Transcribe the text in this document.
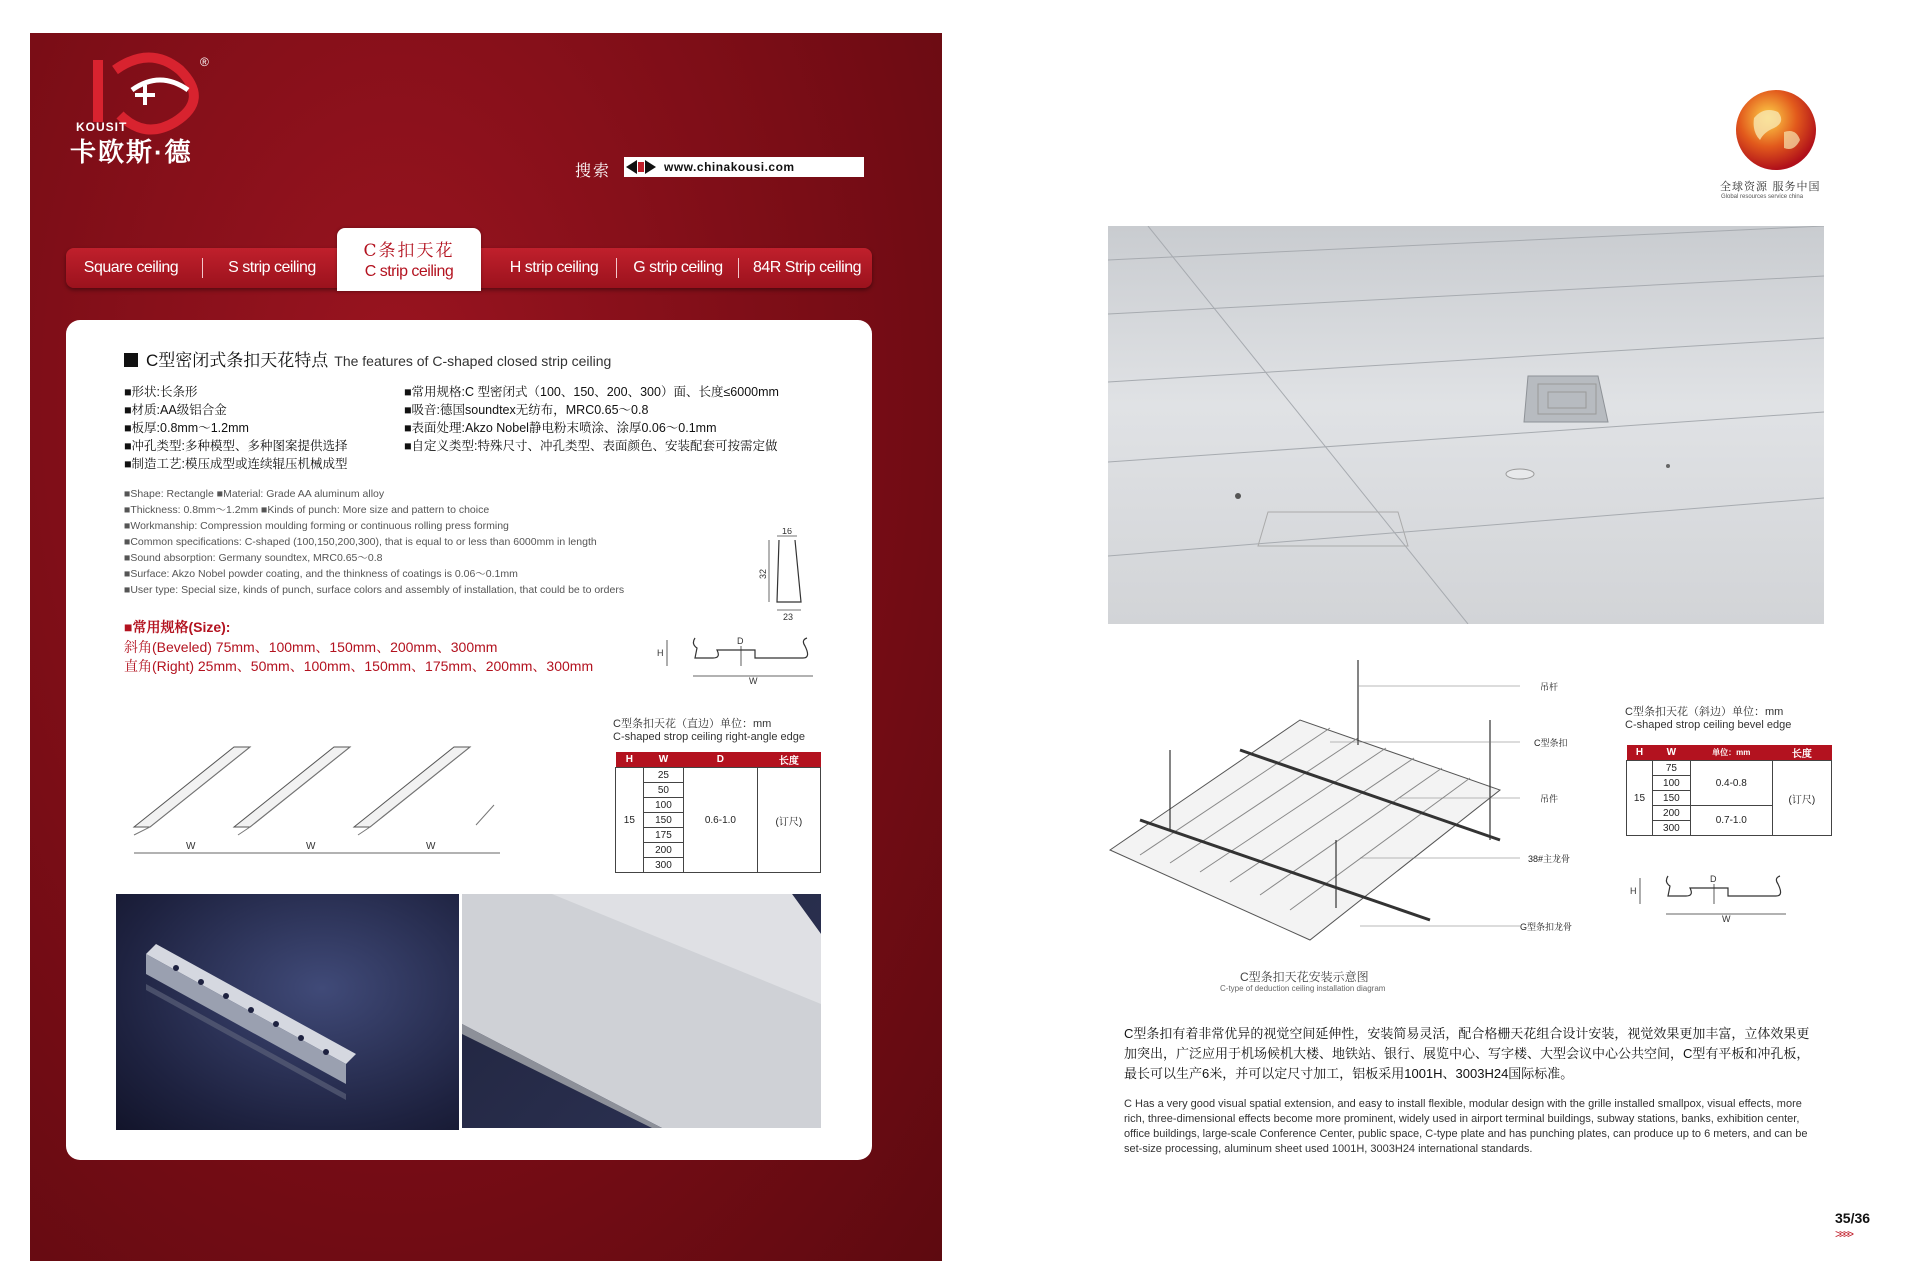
®
KOUSIT
卡欧斯·德
搜索	www.chinakousi.com
Square ceiling	S strip ceiling	H strip ceiling	G strip ceiling	84R Strip ceiling
C条扣天花
C strip ceiling
C型密闭式条扣天花特点 The features of C-shaped closed strip ceiling
■形状:长条形
■材质:AA级铝合金
■板厚:0.8mm～1.2mm
■冲孔类型:多种模型、多种图案提供选择
■制造工艺:模压成型或连续辊压机械成型
■常用规格:C 型密闭式（100、150、200、300）面、长度≤6000mm
■吸音:德国soundtex无纺布，MRC0.65～0.8
■表面处理:Akzo Nobel静电粉末喷涂、涂厚0.06～0.1mm
■自定义类型:特殊尺寸、冲孔类型、表面颜色、安装配套可按需定做
■Shape: Rectangle ■Material: Grade AA aluminum alloy
■Thickness: 0.8mm～1.2mm ■Kinds of punch: More size and pattern to choice
■Workmanship: Compression moulding forming or continuous rolling press forming
■Common specifications: C-shaped (100,150,200,300), that is equal to or less than 6000mm in length
■Sound absorption: Germany soundtex, MRC0.65～0.8
■Surface: Akzo Nobel powder coating, and the thinkness of coatings is 0.06～0.1mm
■User type: Special size, kinds of punch, surface colors and assembly of installation, that could be to orders
16
32
23
■常用规格(Size):
斜角(Beveled) 75mm、100mm、150mm、200mm、300mm
直角(Right) 25mm、50mm、100mm、150mm、175mm、200mm、300mm
H
D
W
W	W	W
C型条扣天花（直边）单位：mm
C-shaped strop ceiling right-angle edge
H	W	D	长度
15	25	0.6-1.0	(订尺)
	50		
	100		
	150		
	175		
	200		
	300		
全球资源 服务中国
Global resources service china
吊杆
C型条扣
吊件
38#主龙骨
G型条扣龙骨
C型条扣天花安装示意图
C-type of deduction ceiling installation diagram
C型条扣天花（斜边）单位：mm
C-shaped strop ceiling bevel edge
H	W	单位：mm	长度
15	75	0.4-0.8	(订尺)
	100		
	150		
	200	0.7-1.0	
	300		
H
D
W
C型条扣有着非常优异的视觉空间延伸性，安装简易灵活，配合格栅天花组合设计安装，视觉效果更加丰富，立体效果更加突出，广泛应用于机场候机大楼、地铁站、银行、展览中心、写字楼、大型会议中心公共空间，C型有平板和冲孔板，最长可以生产6米，并可以定尺寸加工，铝板采用1001H、3003H24国际标准。
C Has a very good visual spatial extension, and easy to install flexible, modular design with the grille installed smallpox, visual effects, more rich, three-dimensional effects become more prominent, widely used in airport terminal buildings, subway stations, banks, exhibition center, office buildings, large-scale Conference Center, public space, C-type plate and has punching plates, can produce up to 6 meters, and can be set-size processing, aluminum sheet used 1001H, 3003H24 international standards.
35/36
>>>>
